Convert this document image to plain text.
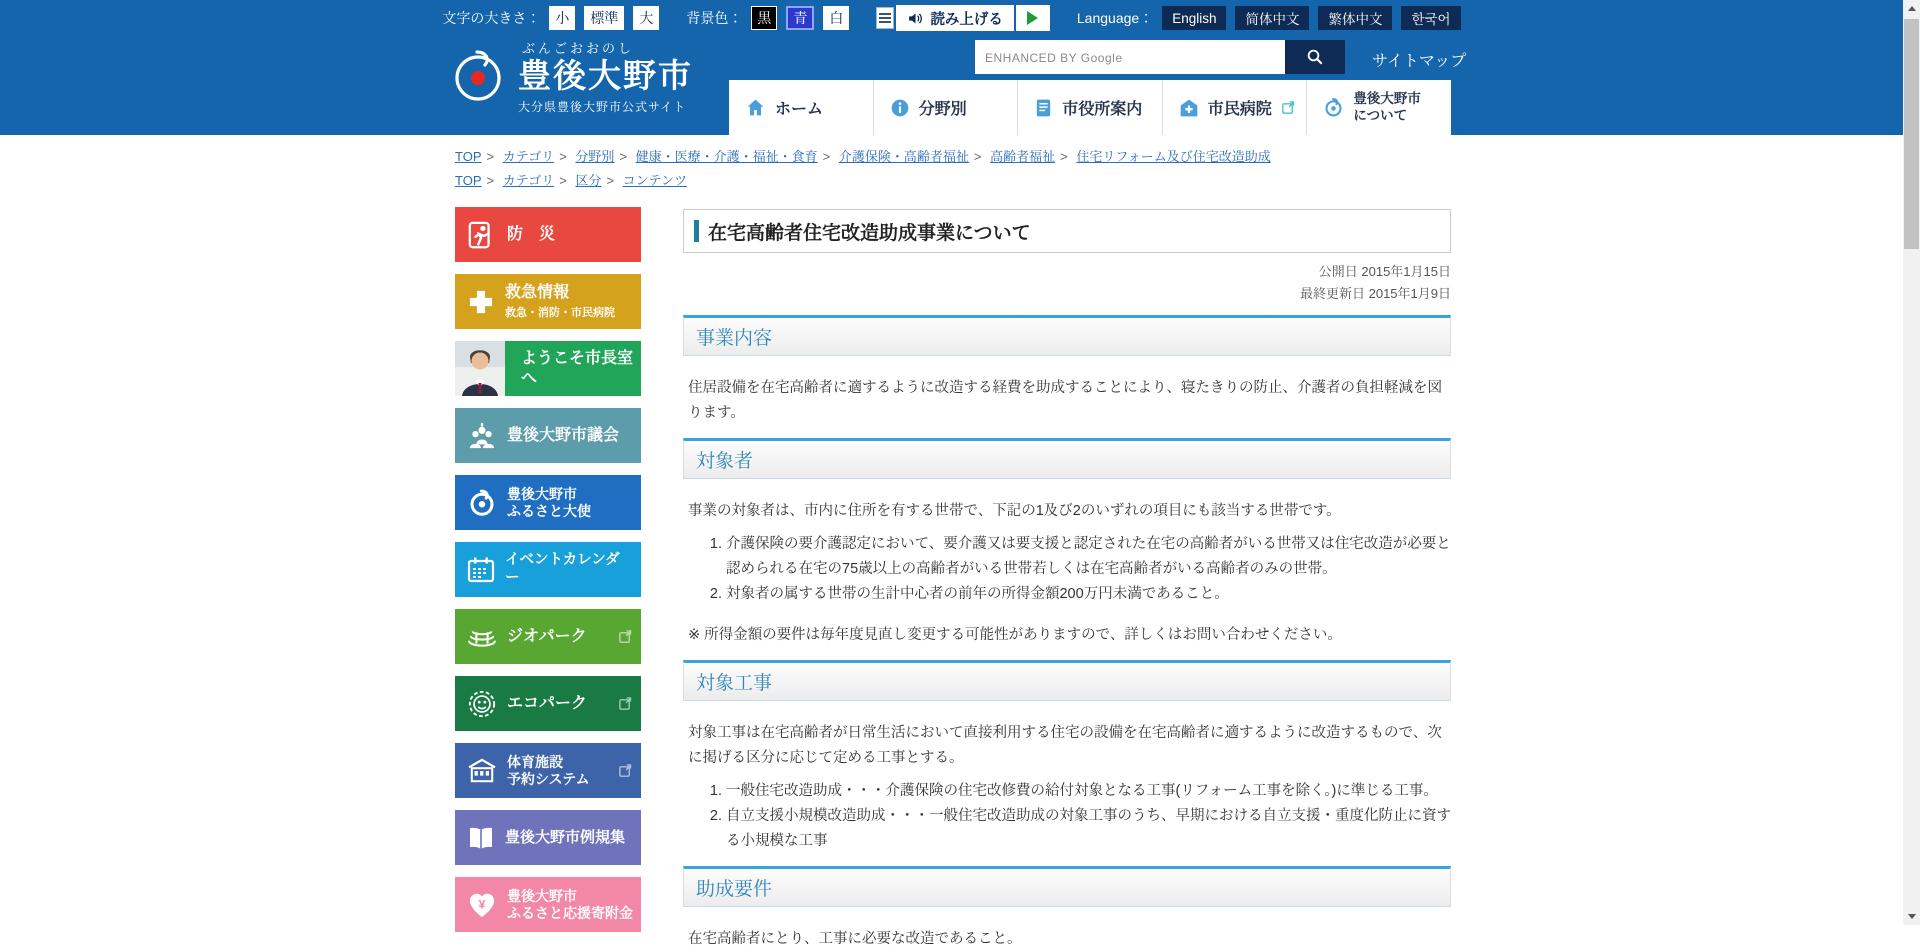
文字の大きさ：	小	標準	大	背景色：	黒	青	白	読み上げる	Language：	English	简体中文	繁体中文	한국어
ぶんごおおのし
豊後大野市
大分県豊後大野市公式サイト
ENHANCED BY Google
サイトマップ
ホーム	分野別	市役所案内	市民病院
豊後大野市
について
TOP > カテゴリ > 分野別 > 健康・医療・介護・福祉・食育 > 介護保険・高齢者福祉 > 高齢者福祉 > 住宅リフォーム及び住宅改造助成
TOP > カテゴリ > 区分 > コンテンツ
防　災
救急情報
救急・消防・市民病院
ようこそ市長室へ
豊後大野市議会
豊後大野市
ふるさと大使
イベントカレンダー
ジオパーク
エコパーク
体育施設
予約システム
豊後大野市例規集
¥
豊後大野市
ふるさと応援寄附金
在宅高齢者住宅改造助成事業について
公開日 2015年1月15日
最終更新日 2015年1月9日
事業内容

住居設備を在宅高齢者に適するように改造する経費を助成することにより、寝たきりの防止、介護者の負担軽減を図ります。

対象者

事業の対象者は、市内に住所を有する世帯で、下記の1及び2のいずれの項目にも該当する世帯です。

1. 介護保険の要介護認定において、要介護又は要支援と認定された在宅の高齢者がいる世帯又は住宅改造が必要と認められる在宅の75歳以上の高齢者がいる世帯若しくは在宅高齢者がいる高齢者のみの世帯。
2. 対象者の属する世帯の生計中心者の前年の所得金額200万円未満であること。

※ 所得金額の要件は毎年度見直し変更する可能性がありますので、詳しくはお問い合わせください。

対象工事

対象工事は在宅高齢者が日常生活において直接利用する住宅の設備を在宅高齢者に適するように改造するもので、次に掲げる区分に応じて定める工事とする。

1. 一般住宅改造助成・・・介護保険の住宅改修費の給付対象となる工事(リフォーム工事を除く。)に準じる工事。
2. 自立支援小規模改造助成・・・一般住宅改造助成の対象工事のうち、早期における自立支援・重度化防止に資する小規模な工事
助成要件

在宅高齢者にとり、工事に必要な改造であること。
